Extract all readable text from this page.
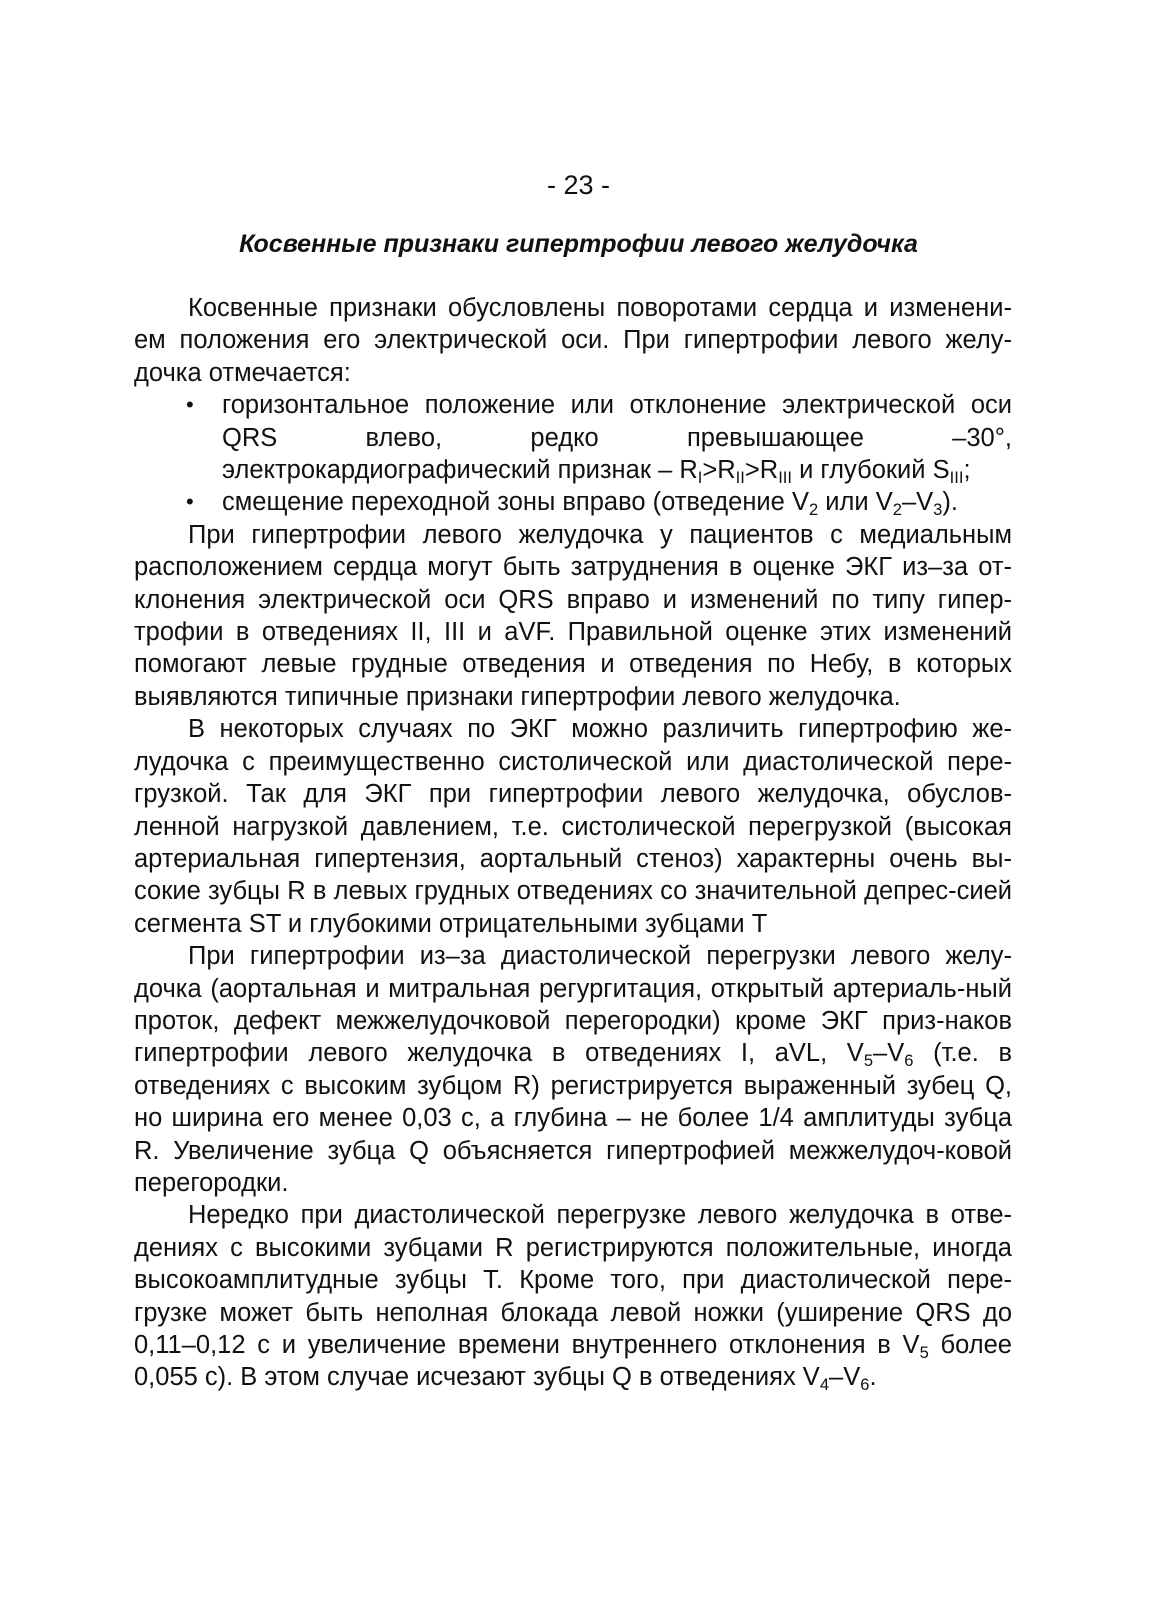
- 23 -
Косвенные признаки гипертрофии левого желудочка

Косвенные признаки обусловлены поворотами сердца и изменени-ем положения его электрической оси. При гипертрофии левого желу-дочка отмечается:

• горизонтальное положение или отклонение электрической оси QRS влево, редко превышающее –30°, электрокардиографический признак – $R_I>R_{II}>R_{III}$ и глубокий $S_{III}$;
• смещение переходной зоны вправо (отведение $V_2$ или $V_2-V_3$).

При гипертрофии левого желудочка у пациентов с медиальным расположением сердца могут быть затруднения в оценке ЭКГ из–за от-клонения электрической оси QRS вправо и изменений по типу гипер-трофии в отведениях II, III и aVF. Правильной оценке этих изменений помогают левые грудные отведения и отведения по Небу, в которых выявляются типичные признаки гипертрофии левого желудочка.

В некоторых случаях по ЭКГ можно различить гипертрофию же-лудочка с преимущественно систолической или диастолической пере-грузкой. Так для ЭКГ при гипертрофии левого желудочка, обуслов-ленной нагрузкой давлением, т.е. систолической перегрузкой (высокая артериальная гипертензия, аортальный стеноз) характерны очень вы-сокие зубцы R в левых грудных отведениях со значительной депрес-сией сегмента ST и глубокими отрицательными зубцами T

При гипертрофии из–за диастолической перегрузки левого желу-дочка (аортальная и митральная регургитация, открытый артериаль-ный проток, дефект межжелудочковой перегородки) кроме ЭКГ приз-наков гипертрофии левого желудочка в отведениях I, aVL, $V_5-V_6$ (т.е. в отведениях с высоким зубцом R) регистрируется выраженный зубец Q, но ширина его менее 0,03 с, а глубина – не более 1/4 амплитуды зубца R. Увеличение зубца Q объясняется гипертрофией межжелудоч-ковой перегородки.

Нередко при диастолической перегрузке левого желудочка в отве-дениях с высокими зубцами R регистрируются положительные, иногда высокоамплитудные зубцы T. Кроме того, при диастолической пере-грузке может быть неполная блокада левой ножки (уширение QRS до 0,11–0,12 с и увеличение времени внутреннего отклонения в $V_5$ более 0,055 с). В этом случае исчезают зубцы Q в отведениях $V_4-V_6$.
